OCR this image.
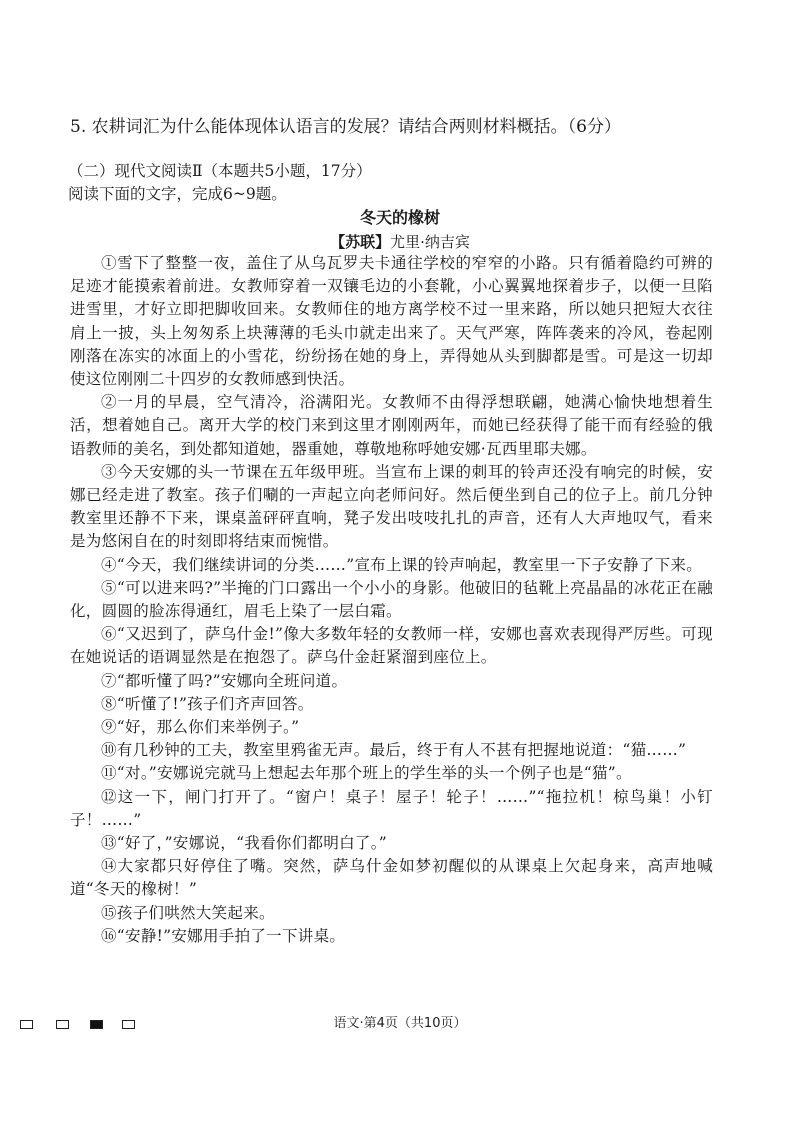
5. 农耕词汇为什么能体现体认语言的发展？请结合两则材料概括。（6分）
（二）现代文阅读Ⅱ（本题共5小题，17分）
阅读下面的文字，完成6~9题。
冬天的橡树
【苏联】尤里·纳吉宾

①雪下了整整一夜，盖住了从乌瓦罗夫卡通往学校的窄窄的小路。只有循着隐约可辨的足迹才能摸索着前进。女教师穿着一双镶毛边的小套靴，小心翼翼地探着步子，以便一旦陷进雪里，才好立即把脚收回来。女教师住的地方离学校不过一里来路，所以她只把短大衣往肩上一披，头上匆匆系上块薄薄的毛头巾就走出来了。天气严寒，阵阵袭来的冷风，卷起刚刚落在冻实的冰面上的小雪花，纷纷扬在她的身上，弄得她从头到脚都是雪。可是这一切却使这位刚刚二十四岁的女教师感到快活。

②一月的早晨，空气清冷，浴满阳光。女教师不由得浮想联翩，她满心愉快地想着生活，想着她自己。离开大学的校门来到这里才刚刚两年，而她已经获得了能干而有经验的俄语教师的美名，到处都知道她，器重她，尊敬地称呼她安娜·瓦西里耶夫娜。

③今天安娜的头一节课在五年级甲班。当宣布上课的刺耳的铃声还没有响完的时候，安娜已经走进了教室。孩子们唰的一声起立向老师问好。然后便坐到自己的位子上。前几分钟教室里还静不下来，课桌盖砰砰直响，凳子发出吱吱扎扎的声音，还有人大声地叹气，看来是为悠闲自在的时刻即将结束而惋惜。

④“今天，我们继续讲词的分类……”宣布上课的铃声响起，教室里一下子安静了下来。

⑤“可以进来吗?”半掩的门口露出一个小小的身影。他破旧的毡靴上亮晶晶的冰花正在融化，圆圆的脸冻得通红，眉毛上染了一层白霜。

⑥“又迟到了，萨乌什金!”像大多数年轻的女教师一样，安娜也喜欢表现得严厉些。可现在她说话的语调显然是在抱怨了。萨乌什金赶紧溜到座位上。

⑦“都听懂了吗?”安娜向全班问道。

⑧“听懂了!”孩子们齐声回答。

⑨“好，那么你们来举例子。”

⑩有几秒钟的工夫，教室里鸦雀无声。最后，终于有人不甚有把握地说道：“猫……”

⑪“对。”安娜说完就马上想起去年那个班上的学生举的头一个例子也是“猫”。

⑫这一下，闸门打开了。“窗户！桌子！屋子！轮子！……”“拖拉机！椋鸟巢！小钉子！……”

⑬“好了，”安娜说，“我看你们都明白了。”

⑭大家都只好停住了嘴。突然，萨乌什金如梦初醒似的从课桌上欠起身来，高声地喊道“冬天的橡树！”

⑮孩子们哄然大笑起来。

⑯“安静!”安娜用手拍了一下讲桌。

语文·第4页（共10页）
